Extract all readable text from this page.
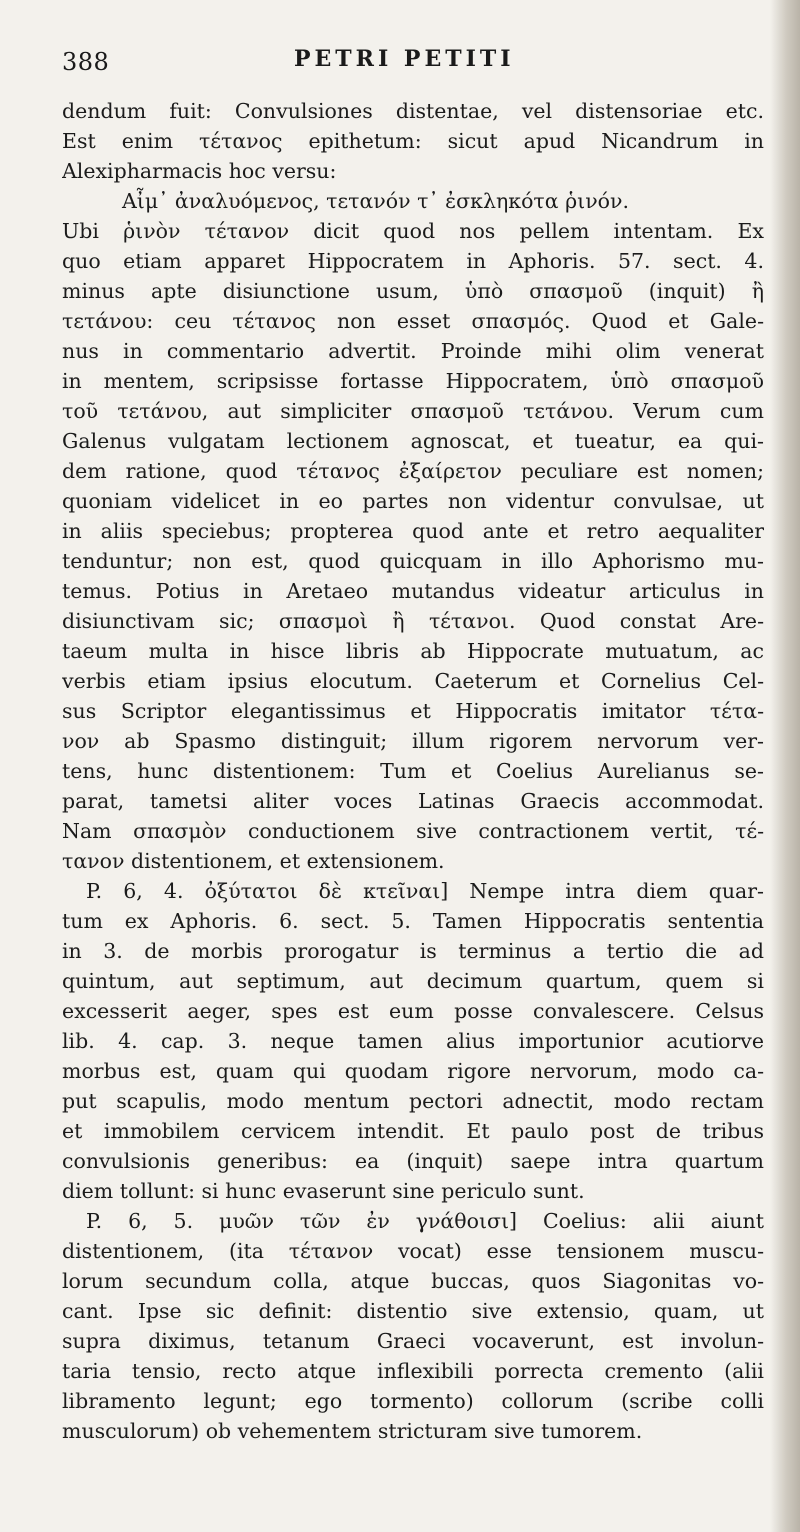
388	PETRI PETITI
dendum fuit: Convulsiones distentae, vel distensoriae etc.
Est enim τέτανος epithetum: sicut apud Nicandrum in
Alexipharmacis hoc versu:
Αἶμ᾽ ἀναλυόμενος, τετανόν τ᾽ ἐσκληκότα ῥινόν.
Ubi ῥινὸν τέτανον dicit quod nos pellem intentam. Ex
quo etiam apparet Hippocratem in Aphoris. 57. sect. 4.
minus apte disiunctione usum, ὑπὸ σπασμοῦ (inquit) ἢ
τετάνου: ceu τέτανος non esset σπασμός. Quod et Gale-
nus in commentario advertit. Proinde mihi olim venerat
in mentem, scripsisse fortasse Hippocratem, ὑπὸ σπασμοῦ
τοῦ τετάνου, aut simpliciter σπασμοῦ τετάνου. Verum cum
Galenus vulgatam lectionem agnoscat, et tueatur, ea qui-
dem ratione, quod τέτανος ἐξαίρετον peculiare est nomen;
quoniam videlicet in eo partes non videntur convulsae, ut
in aliis speciebus; propterea quod ante et retro aequaliter
tenduntur; non est, quod quicquam in illo Aphorismo mu-
temus. Potius in Aretaeo mutandus videatur articulus in
disiunctivam sic; σπασμοὶ ἢ τέτανοι. Quod constat Are-
taeum multa in hisce libris ab Hippocrate mutuatum, ac
verbis etiam ipsius elocutum. Caeterum et Cornelius Cel-
sus Scriptor elegantissimus et Hippocratis imitator τέτα-
νον ab Spasmo distinguit; illum rigorem nervorum ver-
tens, hunc distentionem: Tum et Coelius Aurelianus se-
parat, tametsi aliter voces Latinas Graecis accommodat.
Nam σπασμὸν conductionem sive contractionem vertit, τέ-
τανον distentionem, et extensionem.
P. 6, 4. ὀξύτατοι δὲ κτεῖναι] Nempe intra diem quar-
tum ex Aphoris. 6. sect. 5. Tamen Hippocratis sententia
in 3. de morbis prorogatur is terminus a tertio die ad
quintum, aut septimum, aut decimum quartum, quem si
excesserit aeger, spes est eum posse convalescere. Celsus
lib. 4. cap. 3. neque tamen alius importunior acutiorve
morbus est, quam qui quodam rigore nervorum, modo ca-
put scapulis, modo mentum pectori adnectit, modo rectam
et immobilem cervicem intendit. Et paulo post de tribus
convulsionis generibus: ea (inquit) saepe intra quartum
diem tollunt: si hunc evaserunt sine periculo sunt.
P. 6, 5. μυῶν τῶν ἐν γνάθοισι] Coelius: alii aiunt
distentionem, (ita τέτανον vocat) esse tensionem muscu-
lorum secundum colla, atque buccas, quos Siagonitas vo-
cant. Ipse sic definit: distentio sive extensio, quam, ut
supra diximus, tetanum Graeci vocaverunt, est involun-
taria tensio, recto atque inflexibili porrecta cremento (alii
libramento legunt; ego tormento) collorum (scribe colli
musculorum) ob vehementem stricturam sive tumorem.
